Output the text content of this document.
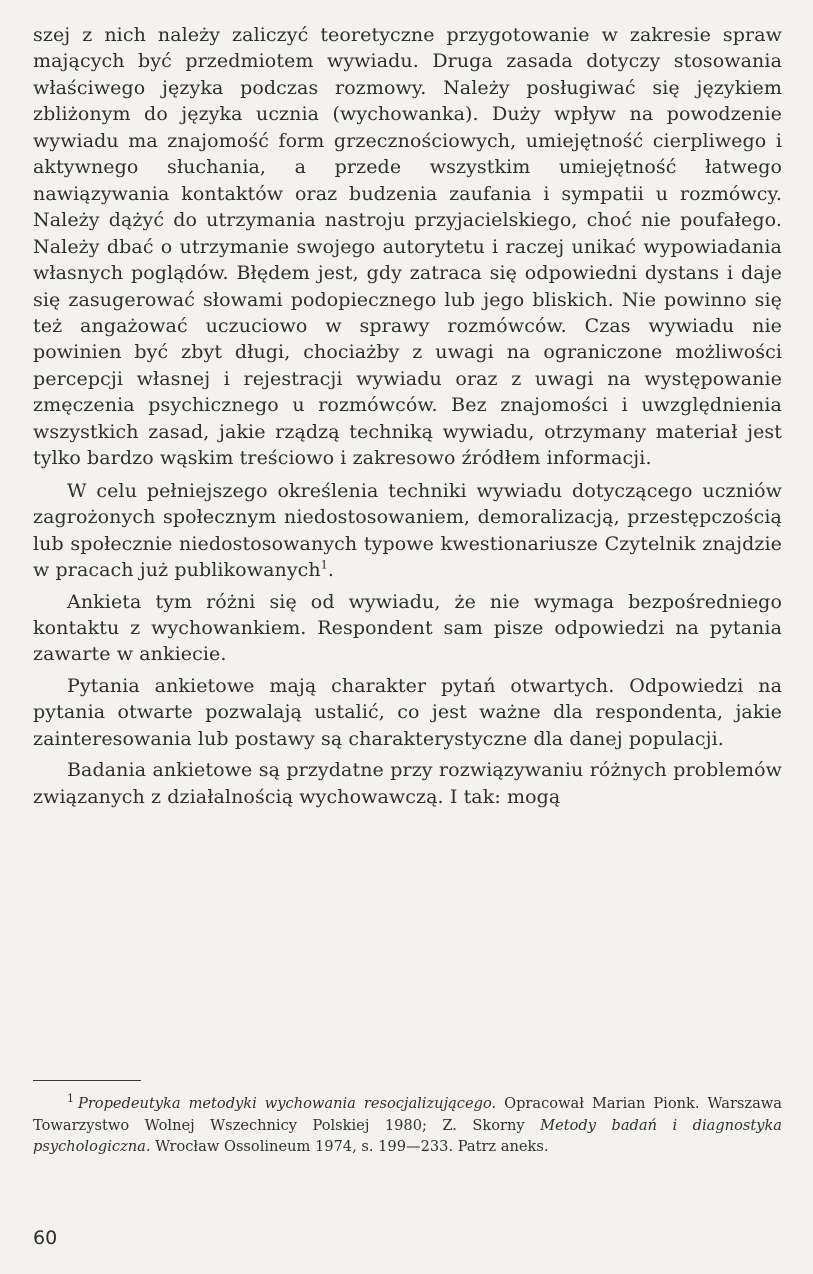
szej z nich należy zaliczyć teoretyczne przygotowanie w zakresie spraw mających być przedmiotem wywiadu. Druga zasada dotyczy stosowania właściwego języka podczas rozmowy. Należy posługiwać się językiem zbliżonym do języka ucznia (wychowanka). Duży wpływ na powodzenie wywiadu ma znajomość form grzecznościowych, umiejętność cierpliwego i aktywnego słuchania, a przede wszystkim umiejętność łatwego nawiązywania kontaktów oraz budzenia zaufania i sympatii u rozmówcy. Należy dążyć do utrzymania nastroju przyjacielskiego, choć nie poufałego. Należy dbać o utrzymanie swojego autorytetu i raczej unikać wypowiadania własnych poglądów. Błędem jest, gdy zatraca się odpowiedni dystans i daje się zasugerować słowami podopiecznego lub jego bliskich. Nie powinno się też angażować uczuciowo w sprawy rozmówców. Czas wywiadu nie powinien być zbyt długi, chociażby z uwagi na ograniczone możliwości percepcji własnej i rejestracji wywiadu oraz z uwagi na występowanie zmęczenia psychicznego u rozmówców. Bez znajomości i uwzględnienia wszystkich zasad, jakie rządzą techniką wywiadu, otrzymany materiał jest tylko bardzo wąskim treściowo i zakresowo źródłem informacji.

W celu pełniejszego określenia techniki wywiadu dotyczącego uczniów zagrożonych społecznym niedostosowaniem, demoralizacją, przestępczością lub społecznie niedostosowanych typowe kwestionariusze Czytelnik znajdzie w pracach już publikowanych$^1$.

Ankieta tym różni się od wywiadu, że nie wymaga bezpośredniego kontaktu z wychowankiem. Respondent sam pisze odpowiedzi na pytania zawarte w ankiecie.

Pytania ankietowe mają charakter pytań otwartych. Odpowiedzi na pytania otwarte pozwalają ustalić, co jest ważne dla respondenta, jakie zainteresowania lub postawy są charakterystyczne dla danej populacji.

Badania ankietowe są przydatne przy rozwiązywaniu różnych problemów związanych z działalnością wychowawczą. I tak: mogą

$^1$ Propedeutyka metodyki wychowania resocjalizującego. Opracował Marian Pionk. Warszawa Towarzystwo Wolnej Wszechnicy Polskiej 1980; Z. Skorny Metody badań i diagnostyka psychologiczna. Wrocław Ossolineum 1974, s. 199—233. Patrz aneks.
60
